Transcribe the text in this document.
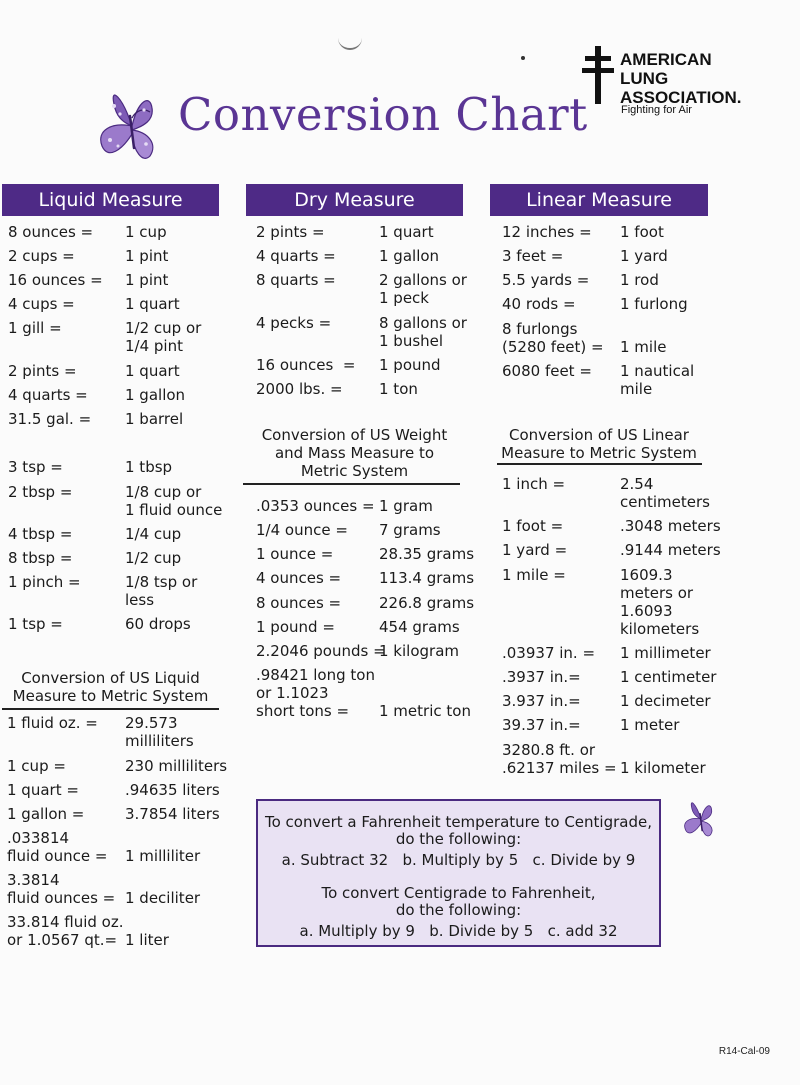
Conversion Chart
AMERICAN
LUNG
ASSOCIATION.
Fighting for Air
Liquid Measure
8 ounces = 1 cup
2 cups =	1 pint
16 ounces = 1 pint
4 cups =	1 quart
1 gill =	1/2 cup or
1/4 pint
2 pints =	1 quart
4 quarts = 1 gallon
31.5 gal. = 1 barrel
3 tsp =	1 tbsp
2 tbsp =	1/8 cup or
1 fluid ounce
4 tbsp =	1/4 cup
8 tbsp =	1/2 cup
1 pinch =	1/8 tsp or
less
1 tsp =	60 drops
Conversion of US Liquid
Measure to Metric System
1 fluid oz. = 29.573
milliliters
1 cup =	230 milliliters
1 quart =	.94635 liters
1 gallon =	3.7854 liters
.033814
fluid ounce = 1 milliliter
3.3814
fluid ounces = 1 deciliter
33.814 fluid oz.
or 1.0567 qt.= 1 liter
Dry Measure
2 pints =	1 quart
4 quarts =	1 gallon
8 quarts =	2 gallons or
1 peck
4 pecks =	8 gallons or
1 bushel
16 ounces  = 1 pound
2000 lbs. = 1 ton
Conversion of US Weight
and Mass Measure to
Metric System
.0353 ounces = 1 gram
1/4 ounce = 7 grams
1 ounce =	28.35 grams
4 ounces =	113.4 grams
8 ounces =	226.8 grams
1 pound =	454 grams
2.2046 pounds =
1 kilogram
.98421 long ton
or 1.1023
short tons =	1 metric ton
Linear Measure
12 inches = 1 foot
3 feet =	1 yard
5.5 yards = 1 rod
40 rods =	1 furlong
8 furlongs
(5280 feet) = 1 mile
6080 feet = 1 nautical
mile
Conversion of US Linear
Measure to Metric System
1 inch =	2.54
centimeters
1 foot =	.3048 meters
1 yard =	.9144 meters
1 mile =	1609.3
meters or
1.6093
kilometers
.03937 in. = 1 millimeter
.3937 in.=	1 centimeter
3.937 in.=	1 decimeter
39.37 in.=	1 meter
3280.8 ft. or
.62137 miles = 1 kilometer
To convert a Fahrenheit temperature to Centigrade,
do the following:
a. Subtract 32   b. Multiply by 5   c. Divide by 9
To convert Centigrade to Fahrenheit,
do the following:
a. Multiply by 9   b. Divide by 5   c. add 32
R14-Cal-09
